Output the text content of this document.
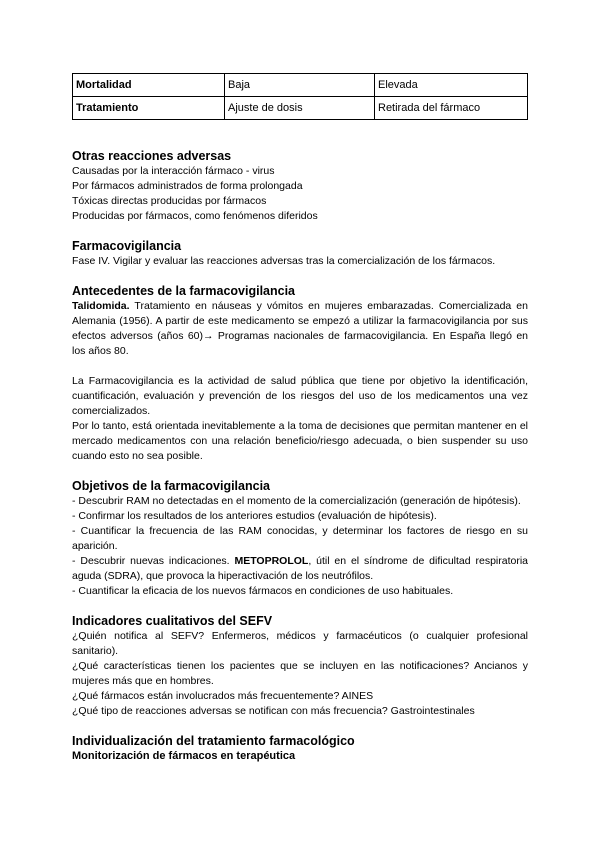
Mortalidad	Baja	Elevada
Tratamiento	Ajuste de dosis	Retirada del fármaco

Otras reacciones adversas

Causadas por la interacción fármaco - virus

Por fármacos administrados de forma prolongada

Tóxicas directas producidas por fármacos

Producidas por fármacos, como fenómenos diferidos

Farmacovigilancia

Fase IV. Vigilar y evaluar las reacciones adversas tras la comercialización de los fármacos.

Antecedentes de la farmacovigilancia

Talidomida. Tratamiento en náuseas y vómitos en mujeres embarazadas. Comercializada en Alemania (1956). A partir de este medicamento se empezó a utilizar la farmacovigilancia por sus efectos adversos (años 60)→ Programas nacionales de farmacovigilancia. En España llegó en los años 80.

La Farmacovigilancia es la actividad de salud pública que tiene por objetivo la identificación, cuantificación, evaluación y prevención de los riesgos del uso de los medicamentos una vez comercializados.

Por lo tanto, está orientada inevitablemente a la toma de decisiones que permitan mantener en el mercado medicamentos con una relación beneficio/riesgo adecuada, o bien suspender su uso cuando esto no sea posible.

Objetivos de la farmacovigilancia

- Descubrir RAM no detectadas en el momento de la comercialización (generación de hipótesis).

- Confirmar los resultados de los anteriores estudios (evaluación de hipótesis).

- Cuantificar la frecuencia de las RAM conocidas, y determinar los factores de riesgo en su aparición.

- Descubrir nuevas indicaciones. METOPROLOL, útil en el síndrome de dificultad respiratoria aguda (SDRA), que provoca la hiperactivación de los neutrófilos.

- Cuantificar la eficacia de los nuevos fármacos en condiciones de uso habituales.

Indicadores cualitativos del SEFV

¿Quién notifica al SEFV? Enfermeros, médicos y farmacéuticos (o cualquier profesional sanitario).

¿Qué características tienen los pacientes que se incluyen en las notificaciones? Ancianos y mujeres más que en hombres.

¿Qué fármacos están involucrados más frecuentemente? AINES

¿Qué tipo de reacciones adversas se notifican con más frecuencia? Gastrointestinales

Individualización del tratamiento farmacológico

Monitorización de fármacos en terapéutica
